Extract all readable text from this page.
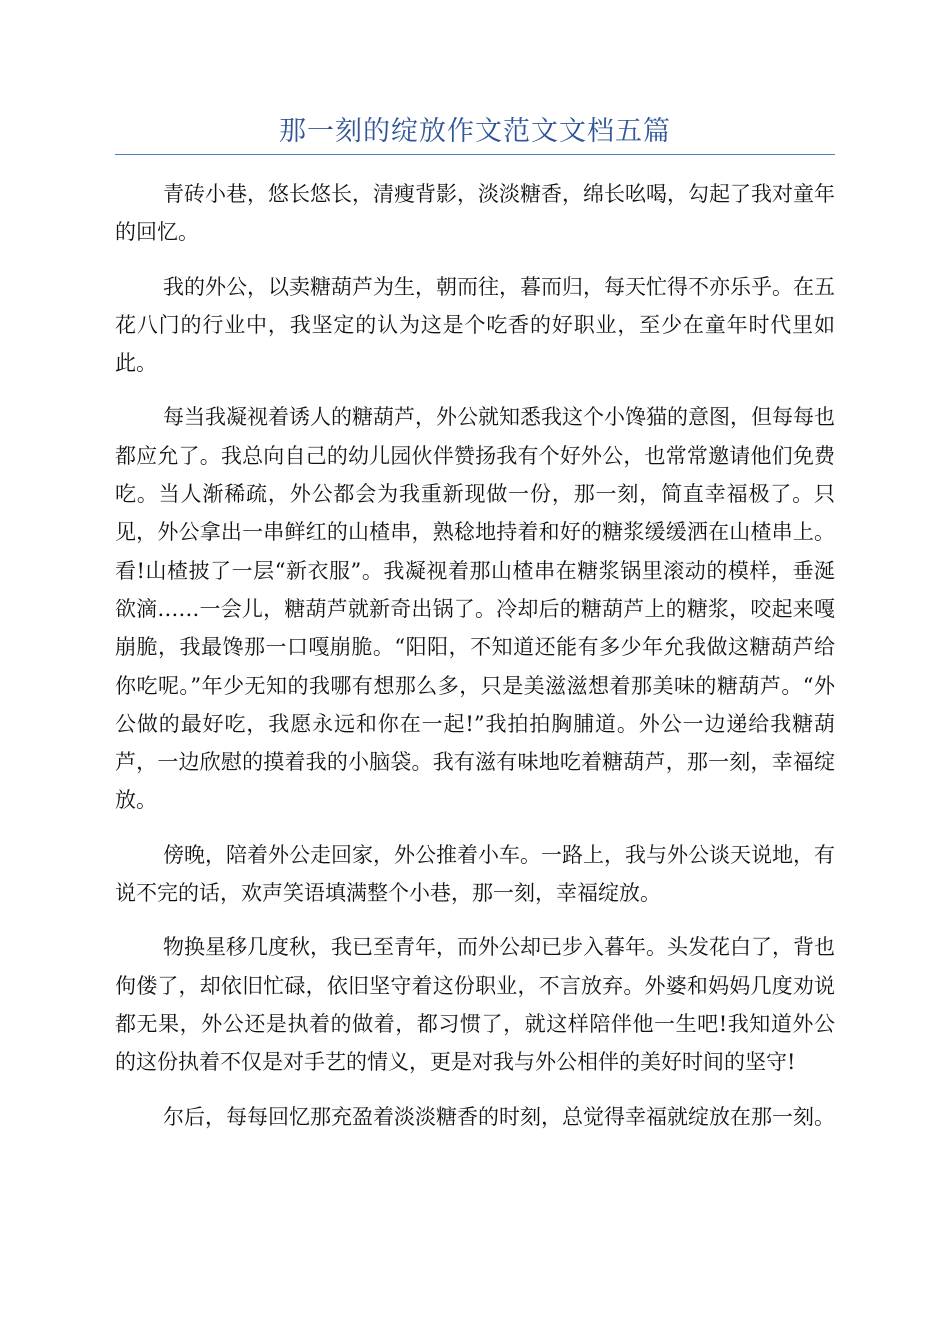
那一刻的绽放作文范文文档五篇

青砖小巷，悠长悠长，清瘦背影，淡淡糖香，绵长吆喝，勾起了我对童年的回忆。

我的外公，以卖糖葫芦为生，朝而往，暮而归，每天忙得不亦乐乎。在五花八门的行业中，我坚定的认为这是个吃香的好职业，至少在童年时代里如此。

每当我凝视着诱人的糖葫芦，外公就知悉我这个小馋猫的意图，但每每也都应允了。我总向自己的幼儿园伙伴赞扬我有个好外公，也常常邀请他们免费吃。当人渐稀疏，外公都会为我重新现做一份，那一刻，简直幸福极了。只见，外公拿出一串鲜红的山楂串，熟稔地持着和好的糖浆缓缓洒在山楂串上。看!山楂披了一层“新衣服”。我凝视着那山楂串在糖浆锅里滚动的模样，垂涎欲滴……一会儿，糖葫芦就新奇出锅了。冷却后的糖葫芦上的糖浆，咬起来嘎崩脆，我最馋那一口嘎崩脆。“阳阳，不知道还能有多少年允我做这糖葫芦给你吃呢。”年少无知的我哪有想那么多，只是美滋滋想着那美味的糖葫芦。“外公做的最好吃，我愿永远和你在一起!”我拍拍胸脯道。外公一边递给我糖葫芦，一边欣慰的摸着我的小脑袋。我有滋有味地吃着糖葫芦，那一刻，幸福绽放。

傍晚，陪着外公走回家，外公推着小车。一路上，我与外公谈天说地，有说不完的话，欢声笑语填满整个小巷，那一刻，幸福绽放。

物换星移几度秋，我已至青年，而外公却已步入暮年。头发花白了，背也佝偻了，却依旧忙碌，依旧坚守着这份职业，不言放弃。外婆和妈妈几度劝说都无果，外公还是执着的做着，都习惯了，就这样陪伴他一生吧!我知道外公的这份执着不仅是对手艺的情义，更是对我与外公相伴的美好时间的坚守!

尔后，每每回忆那充盈着淡淡糖香的时刻，总觉得幸福就绽放在那一刻。
